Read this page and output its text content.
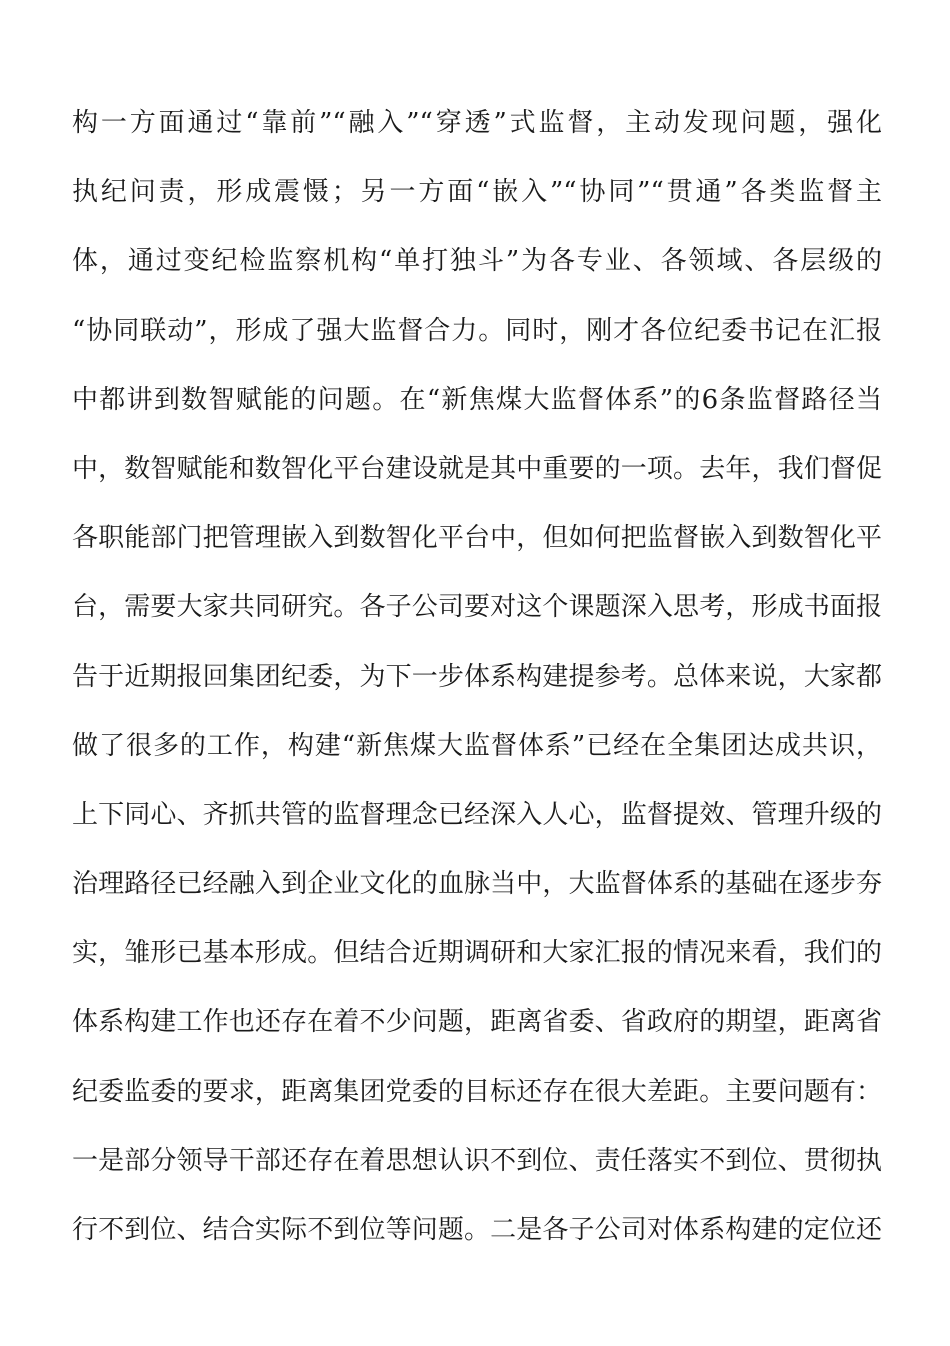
构一方面通过“靠前”“融入”“穿透”式监督，主动发现问题，强化
执纪问责，形成震慑；另一方面“嵌入”“协同”“贯通”各类监督主
体，通过变纪检监察机构“单打独斗”为各专业、各领域、各层级的
“协同联动”，形成了强大监督合力。同时，刚才各位纪委书记在汇报
中都讲到数智赋能的问题。在“新焦煤大监督体系”的6条监督路径当
中，数智赋能和数智化平台建设就是其中重要的一项。去年，我们督促
各职能部门把管理嵌入到数智化平台中，但如何把监督嵌入到数智化平
台，需要大家共同研究。各子公司要对这个课题深入思考，形成书面报
告于近期报回集团纪委，为下一步体系构建提参考。总体来说，大家都
做了很多的工作，构建“新焦煤大监督体系”已经在全集团达成共识，
上下同心、齐抓共管的监督理念已经深入人心，监督提效、管理升级的
治理路径已经融入到企业文化的血脉当中，大监督体系的基础在逐步夯
实，雏形已基本形成。但结合近期调研和大家汇报的情况来看，我们的
体系构建工作也还存在着不少问题，距离省委、省政府的期望，距离省
纪委监委的要求，距离集团党委的目标还存在很大差距。主要问题有：
一是部分领导干部还存在着思想认识不到位、责任落实不到位、贯彻执
行不到位、结合实际不到位等问题。二是各子公司对体系构建的定位还
